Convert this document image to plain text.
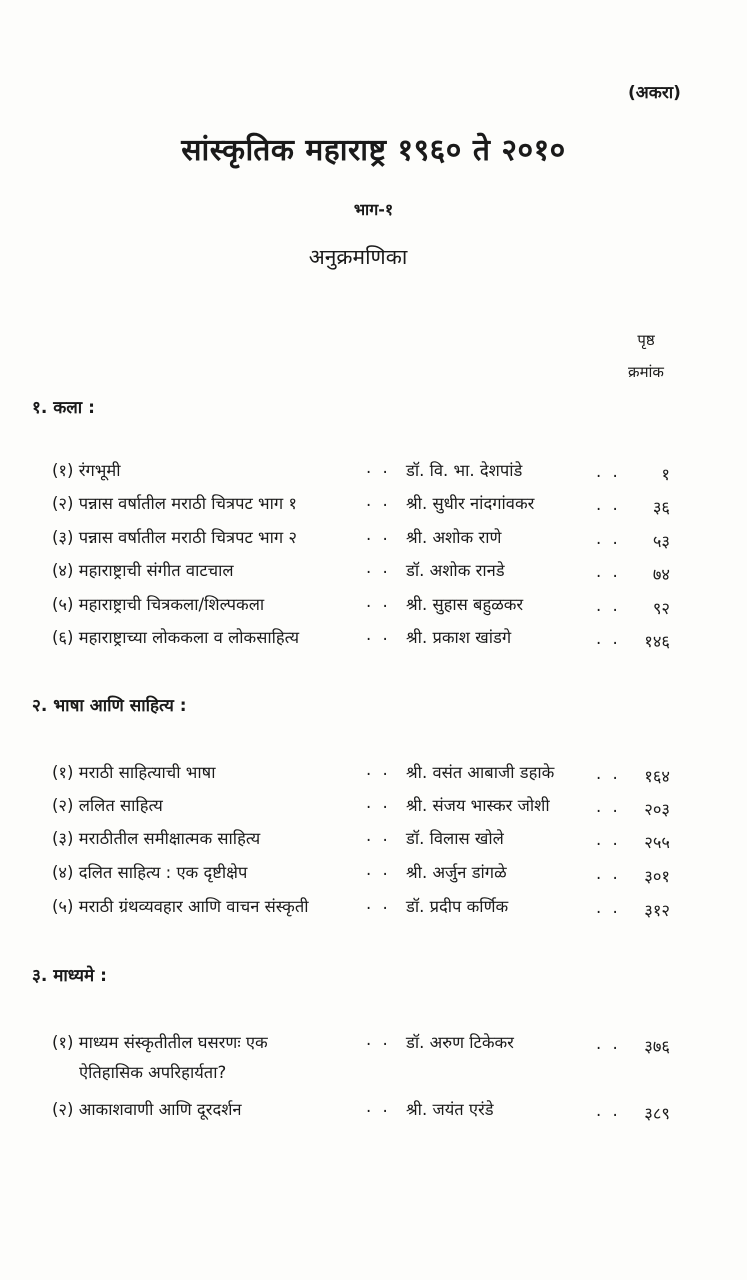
(अकरा)
सांस्कृतिक महाराष्ट्र १९६० ते २०१०
भाग-१
अनुक्रमणिका
पृष्ठ
क्रमांक
१. कला :
(१) रंगभूमी	. . डॉ. वि. भा. देशपांडे	. .	१
(२) पन्नास वर्षातील मराठी चित्रपट भाग १	. . श्री. सुधीर नांदगांवकर	. .	३६
(३) पन्नास वर्षातील मराठी चित्रपट भाग २	. . श्री. अशोक राणे	. .	५३
(४) महाराष्ट्राची संगीत वाटचाल	. . डॉ. अशोक रानडे	. .	७४
(५) महाराष्ट्राची चित्रकला/शिल्पकला	. . श्री. सुहास बहुळकर	. .	९२
(६) महाराष्ट्राच्या लोककला व लोकसाहित्य	. . श्री. प्रकाश खांडगे	. .	१४६
२. भाषा आणि साहित्य :
(१) मराठी साहित्याची भाषा	. . श्री. वसंत आबाजी डहाके	. .	१६४
(२) ललित साहित्य	. . श्री. संजय भास्कर जोशी	. .	२०३
(३) मराठीतील समीक्षात्मक साहित्य	. . डॉ. विलास खोले	. .	२५५
(४) दलित साहित्य : एक दृष्टीक्षेप	. . श्री. अर्जुन डांगळे	. .	३०१
(५) मराठी ग्रंथव्यवहार आणि वाचन संस्कृती	. . डॉ. प्रदीप कर्णिक	. .	३१२
३. माध्यमे :
(१) माध्यम संस्कृतीतील घसरणः एक
ऐतिहासिक अपरिहार्यता?
. . डॉ. अरुण टिकेकर	. .	३७६
(२) आकाशवाणी आणि दूरदर्शन	. . श्री. जयंत एरंडे	. .	३८९
